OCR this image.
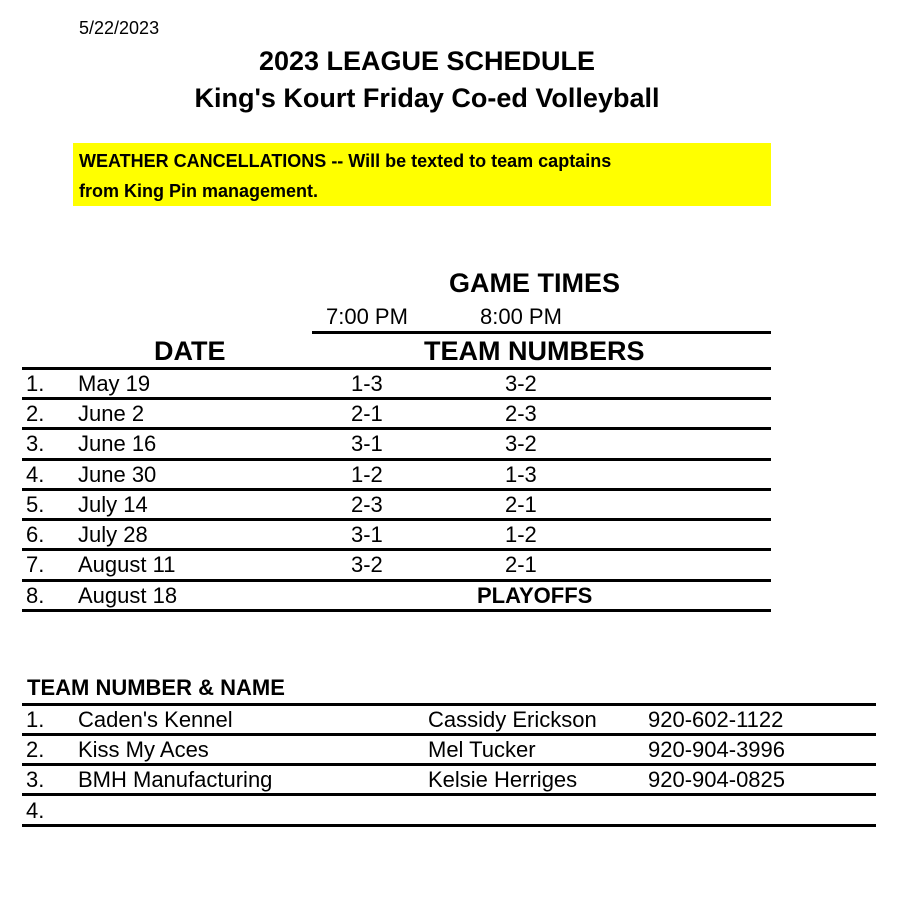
5/22/2023
2023 LEAGUE SCHEDULE
King's Kourt Friday Co-ed Volleyball
WEATHER CANCELLATIONS -- Will be texted to team captains
from King Pin management.
GAME TIMES
7:00 PM	8:00 PM
DATE	TEAM NUMBERS
1. May 19	1-3	3-2
2. June 2	2-1	2-3
3. June 16	3-1	3-2
4. June 30	1-2	1-3
5. July 14	2-3	2-1
6. July 28	3-1	1-2
7. August 11	3-2	2-1
8. August 18	PLAYOFFS
TEAM NUMBER & NAME
1. Caden's Kennel	Cassidy Erickson 920-602-1122
2. Kiss My Aces	Mel Tucker	920-904-3996
3. BMH Manufacturing	Kelsie Herriges	920-904-0825
4.
